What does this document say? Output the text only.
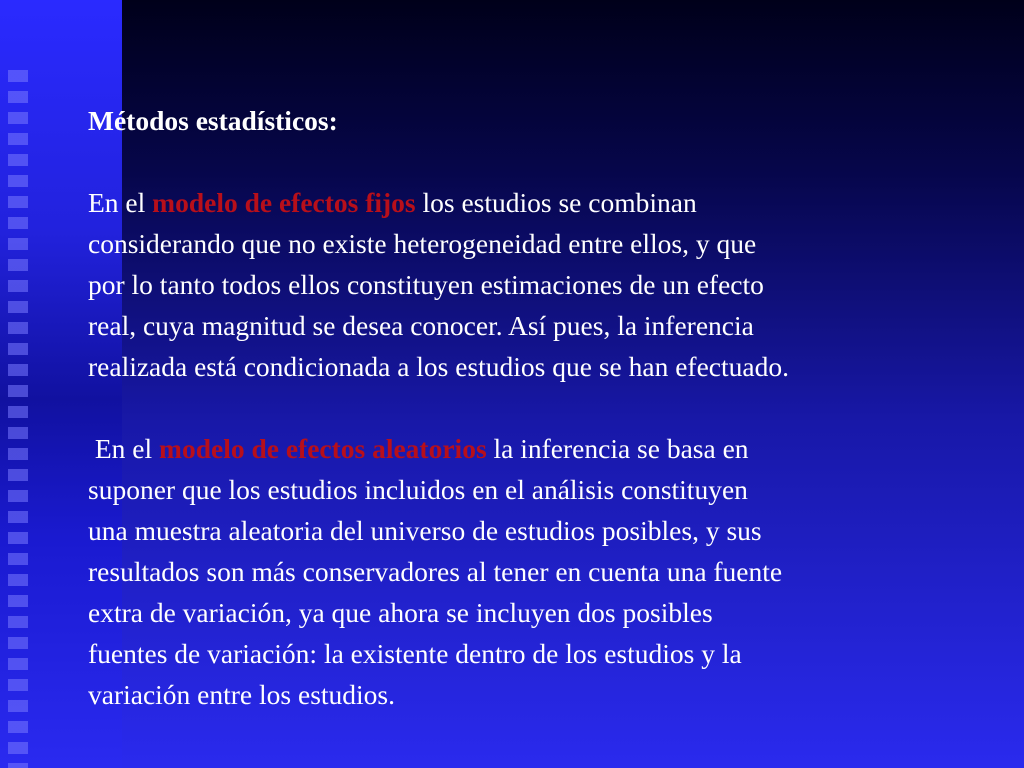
Métodos estadísticos:

En el modelo de efectos fijos los estudios se combinan
considerando que no existe heterogeneidad entre ellos, y que
por lo tanto todos ellos constituyen estimaciones de un efecto
real, cuya magnitud se desea conocer. Así pues, la inferencia
realizada está condicionada a los estudios que se han efectuado.

En el modelo de efectos aleatorios la inferencia se basa en
suponer que los estudios incluidos en el análisis constituyen
una muestra aleatoria del universo de estudios posibles, y sus
resultados son más conservadores al tener en cuenta una fuente
extra de variación, ya que ahora se incluyen dos posibles
fuentes de variación: la existente dentro de los estudios y la
variación entre los estudios.
